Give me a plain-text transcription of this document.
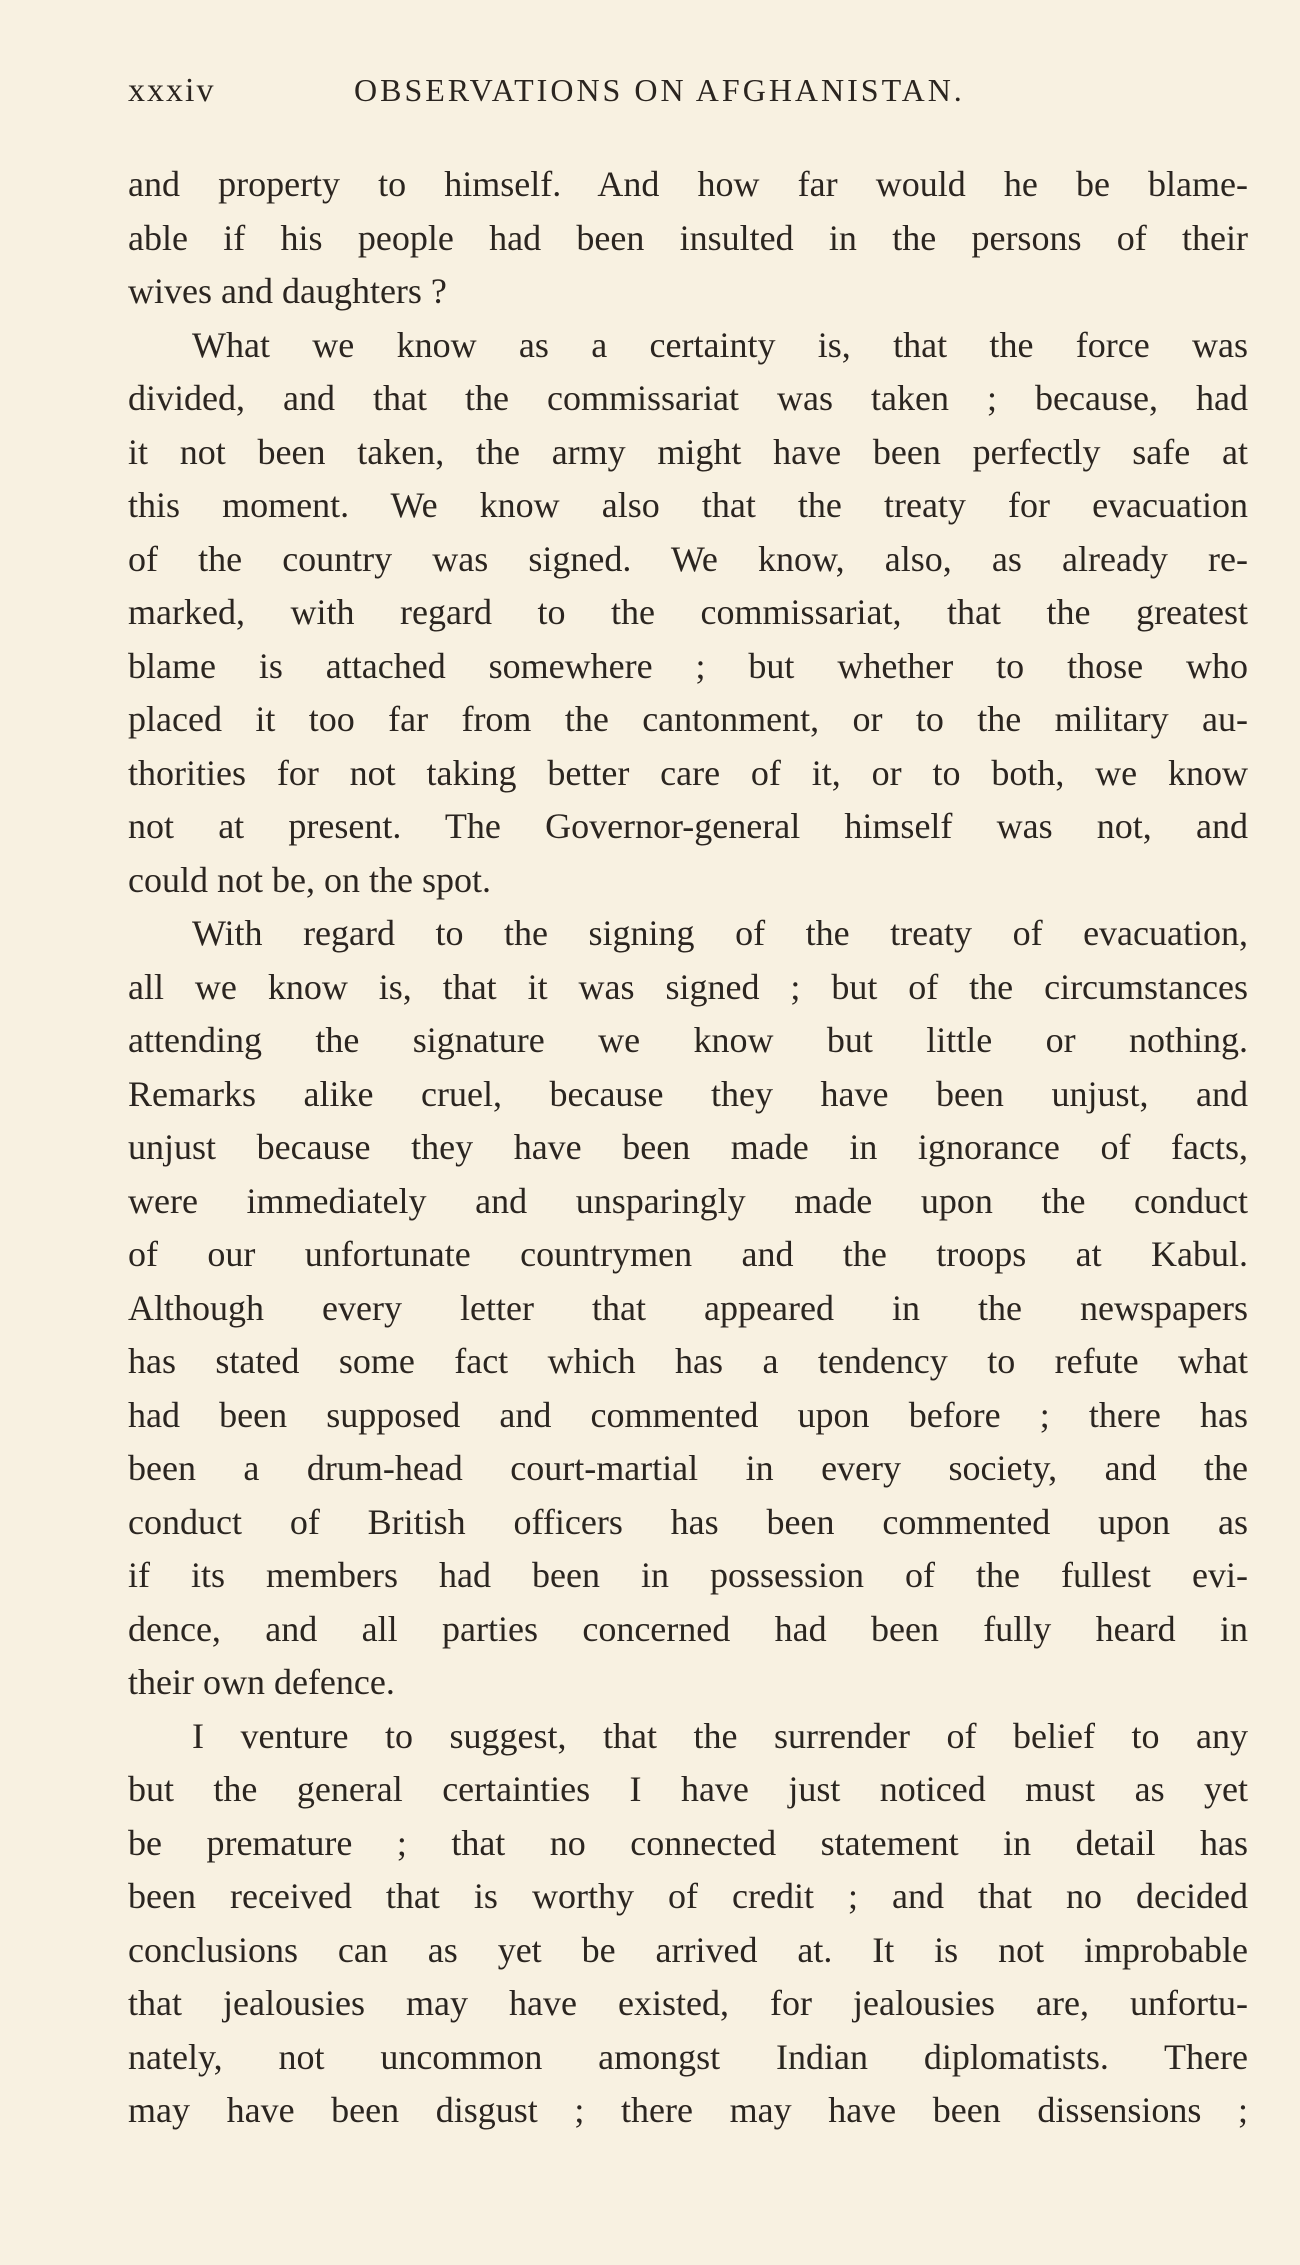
xxxiv	OBSERVATIONS ON AFGHANISTAN.
and property to himself. And how far would he be blame-
able if his people had been insulted in the persons of their
wives and daughters ?
What we know as a certainty is, that the force was
divided, and that the commissariat was taken ; because, had
it not been taken, the army might have been perfectly safe at
this moment. We know also that the treaty for evacuation
of the country was signed. We know, also, as already re-
marked, with regard to the commissariat, that the greatest
blame is attached somewhere ; but whether to those who
placed it too far from the cantonment, or to the military au-
thorities for not taking better care of it, or to both, we know
not at present. The Governor-general himself was not, and
could not be, on the spot.
With regard to the signing of the treaty of evacuation,
all we know is, that it was signed ; but of the circumstances
attending the signature we know but little or nothing.
Remarks alike cruel, because they have been unjust, and
unjust because they have been made in ignorance of facts,
were immediately and unsparingly made upon the conduct
of our unfortunate countrymen and the troops at Kabul.
Although every letter that appeared in the newspapers
has stated some fact which has a tendency to refute what
had been supposed and commented upon before ; there has
been a drum-head court-martial in every society, and the
conduct of British officers has been commented upon as
if its members had been in possession of the fullest evi-
dence, and all parties concerned had been fully heard in
their own defence.
I venture to suggest, that the surrender of belief to any
but the general certainties I have just noticed must as yet
be premature ; that no connected statement in detail has
been received that is worthy of credit ; and that no decided
conclusions can as yet be arrived at. It is not improbable
that jealousies may have existed, for jealousies are, unfortu-
nately, not uncommon amongst Indian diplomatists. There
may have been disgust ; there may have been dissensions ;
